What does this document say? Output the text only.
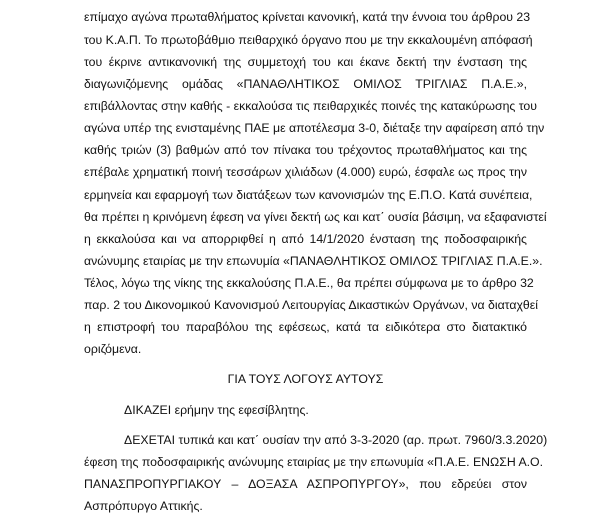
επίμαχο αγώνα πρωταθλήματος κρίνεται κανονική, κατά την έννοια του άρθρου 23
του Κ.Α.Π. Το πρωτοβάθμιο πειθαρχικό όργανο που με την εκκαλουμένη απόφασή
του έκρινε αντικανονική της συμμετοχή του και έκανε δεκτή την ένσταση της
διαγωνιζόμενης ομάδας «ΠΑΝΑΘΛΗΤΙΚΟΣ ΟΜΙΛΟΣ ΤΡΙΓΛΙΑΣ Π.Α.Ε.»,
επιβάλλοντας στην καθής - εκκαλούσα τις πειθαρχικές ποινές της κατακύρωσης του
αγώνα υπέρ της ενισταμένης ΠΑΕ με αποτέλεσμα 3-0, διέταξε την αφαίρεση από την
καθής τριών (3) βαθμών από τον πίνακα του τρέχοντος πρωταθλήματος και της
επέβαλε χρηματική ποινή τεσσάρων χιλιάδων (4.000) ευρώ, έσφαλε ως προς την
ερμηνεία και εφαρμογή των διατάξεων των κανονισμών της Ε.Π.Ο. Κατά συνέπεια,
θα πρέπει η κρινόμενη έφεση να γίνει δεκτή ως και κατ΄ ουσία βάσιμη, να εξαφανιστεί
η εκκαλούσα και να απορριφθεί η από 14/1/2020 ένσταση της ποδοσφαιρικής
ανώνυμης εταιρίας με την επωνυμία «ΠΑΝΑΘΛΗΤΙΚΟΣ ΟΜΙΛΟΣ ΤΡΙΓΛΙΑΣ Π.Α.Ε.».
Τέλος, λόγω της νίκης της εκκαλούσης Π.Α.Ε., θα πρέπει σύμφωνα με το άρθρο 32
παρ. 2 του Δικονομικού Κανονισμού Λειτουργίας Δικαστικών Οργάνων, να διαταχθεί
η επιστροφή του παραβόλου της εφέσεως, κατά τα ειδικότερα στο διατακτικό
οριζόμενα.
ΓΙΑ ΤΟΥΣ ΛΟΓΟΥΣ ΑΥΤΟΥΣ
ΔΙΚΑΖΕΙ ερήμην της εφεσίβλητης.
ΔΕΧΕΤΑΙ τυπικά και κατ΄ ουσίαν την από 3-3-2020 (αρ. πρωτ. 7960/3.3.2020)
έφεση της ποδοσφαιρικής ανώνυμης εταιρίας με την επωνυμία «Π.Α.Ε. ΕΝΩΣΗ Α.Ο.
ΠΑΝΑΣΠΡΟΠΥΡΓΙΑΚΟΥ – ΔΟΞΑΣΑ ΑΣΠΡΟΠΥΡΓΟΥ», που εδρεύει στον
Ασπρόπυργο Αττικής.
